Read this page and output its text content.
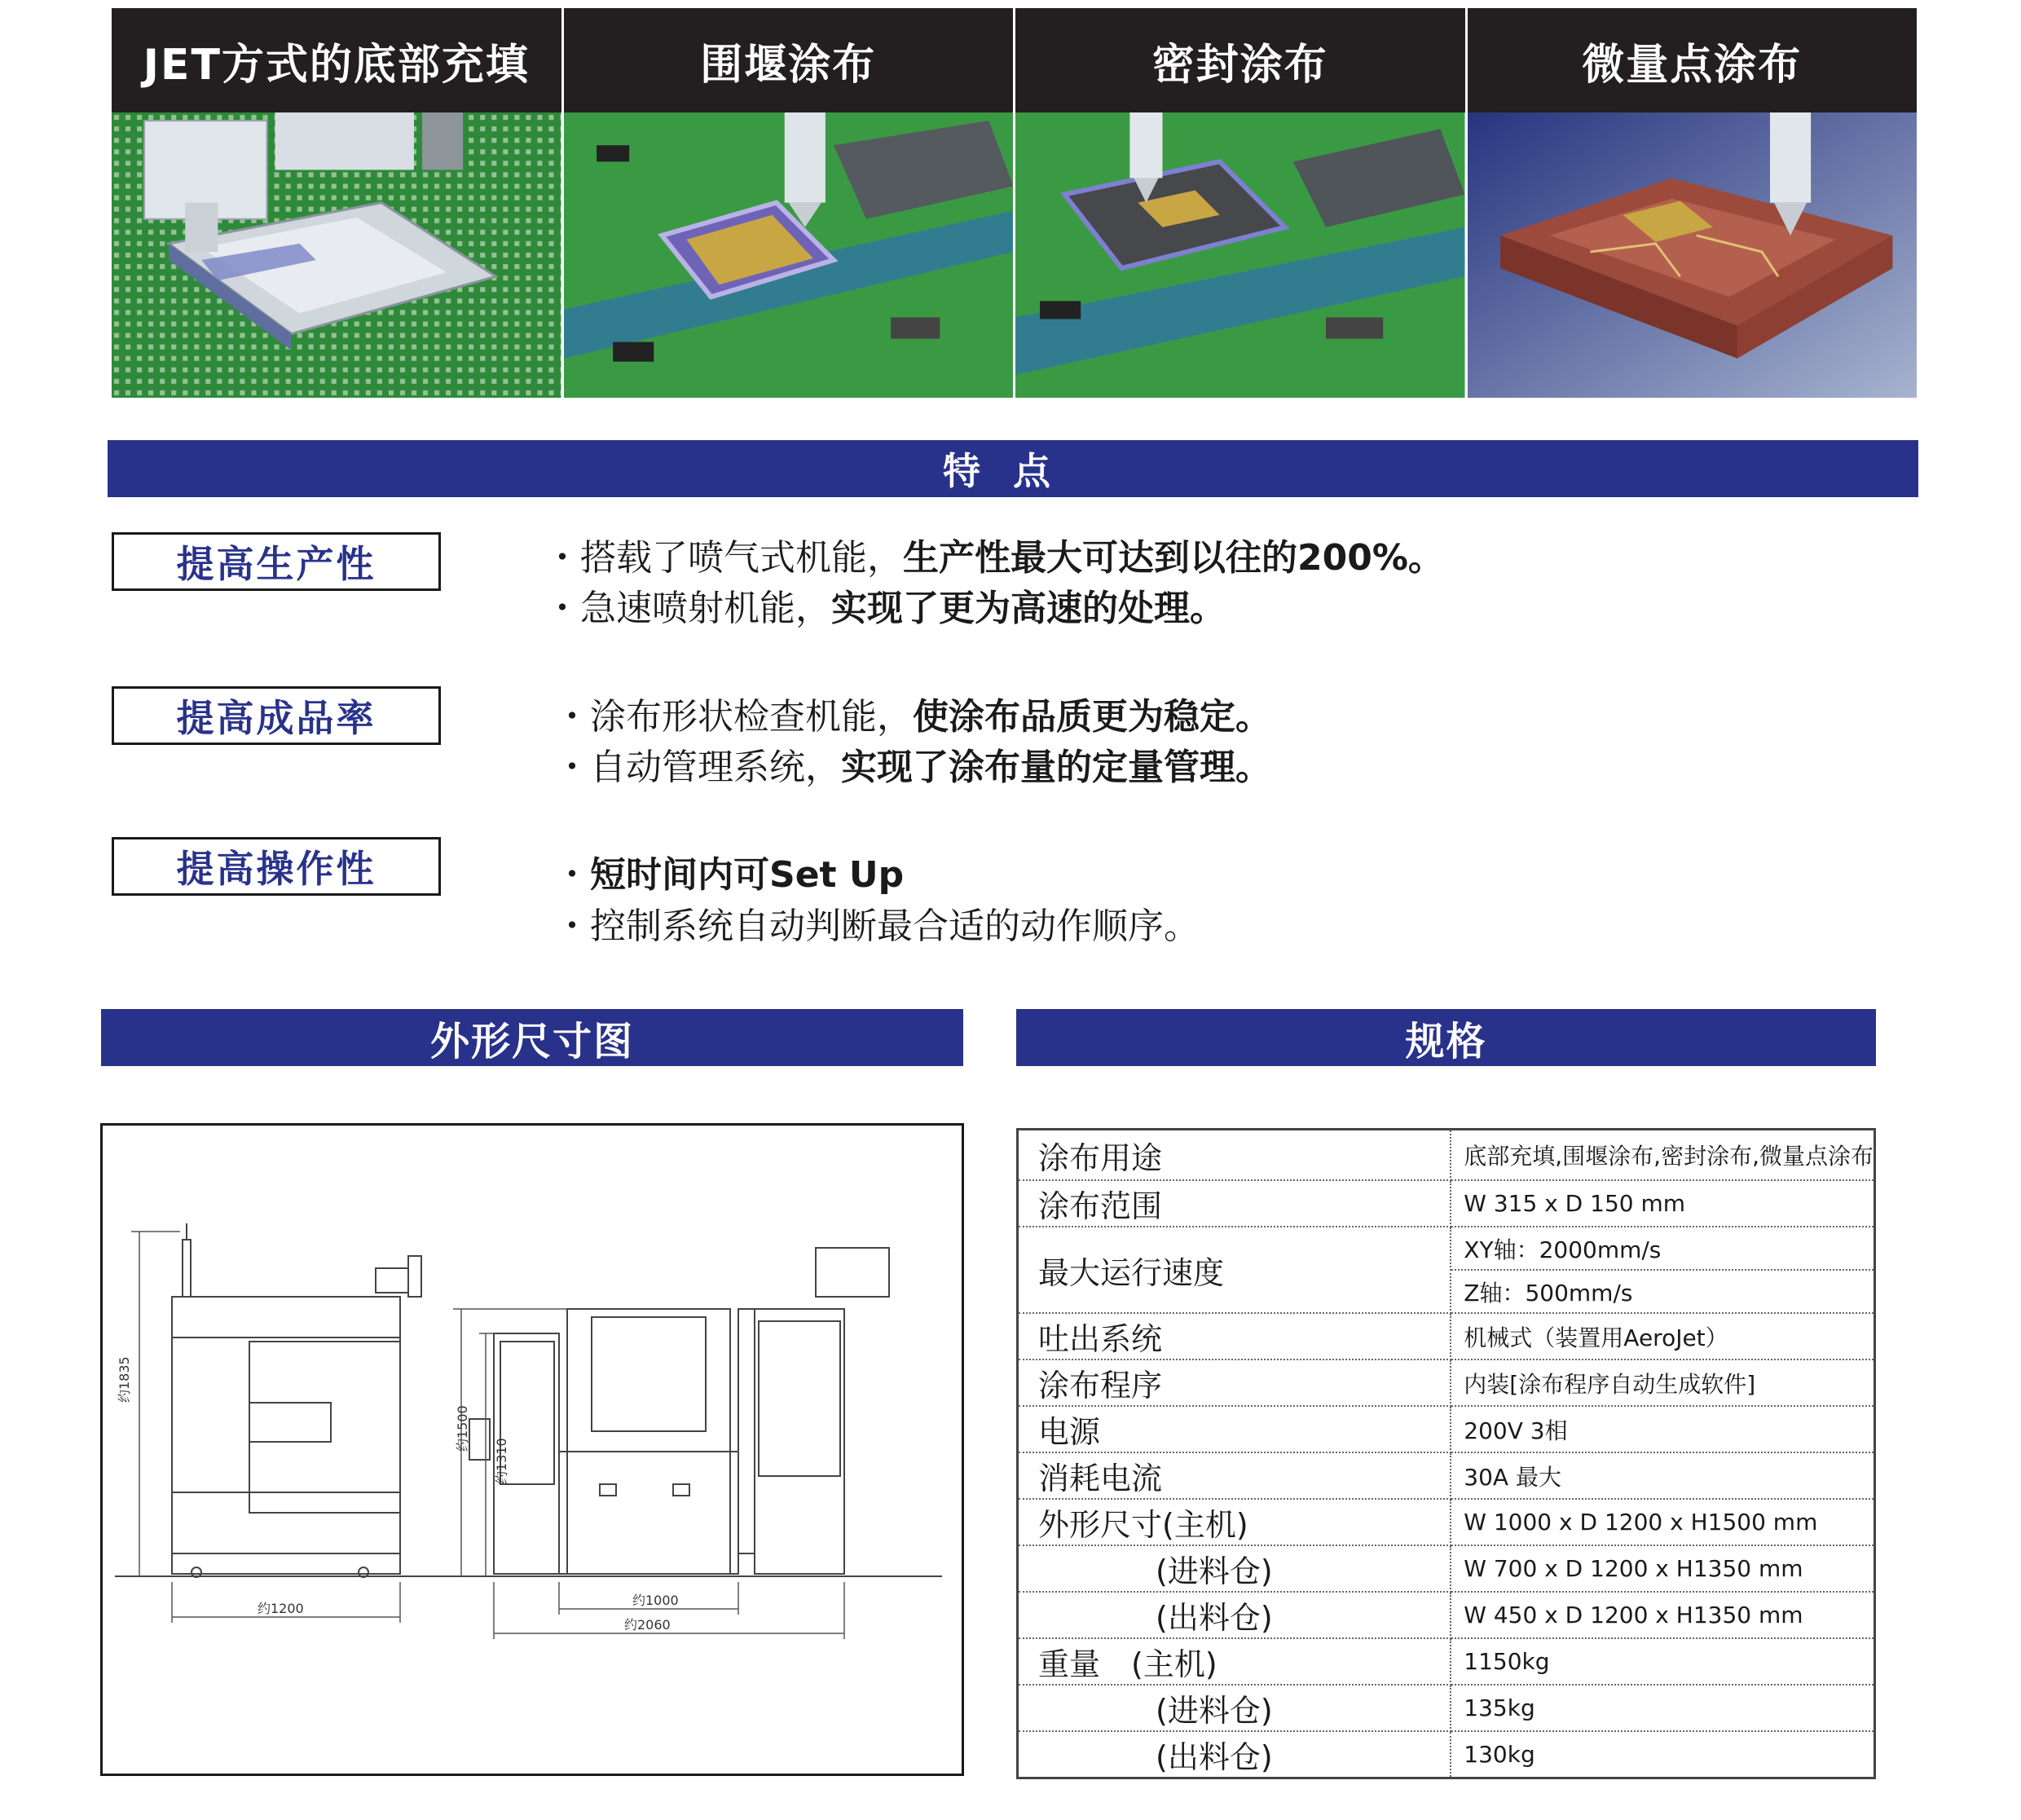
JET方式的底部充填	围堰涂布	密封涂布	微量点涂布
特点
提高生产性	・搭载了喷气式机能，生产性最大可达到以往的200%。
・急速喷射机能，实现了更为高速的处理。
提高成品率	・涂布形状检查机能，使涂布品质更为稳定。
・自动管理系统，实现了涂布量的定量管理。
提高操作性	・短时间内可Set Up
・控制系统自动判断最合适的动作顺序。
外形尺寸图
约1835
约1200
约1500
约1310
约1000
约2060
规格
涂布用途	底部充填,围堰涂布,密封涂布,微量点涂布
涂布范围	W 315 x D 150 mm
最大运行速度	XY轴：2000mm/s
	Z轴：500mm/s
吐出系统	机械式（装置用AeroJet）
涂布程序	内装[涂布程序自动生成软件]
电源	200V 3相
消耗电流	30A 最大
外形尺寸(主机)	W 1000 x D 1200 x H1500 mm
(进料仓)	W 700 x D 1200 x H1350 mm
(出料仓)	W 450 x D 1200 x H1350 mm
重量　(主机)	1150kg
(进料仓)	135kg
(出料仓)	130kg
